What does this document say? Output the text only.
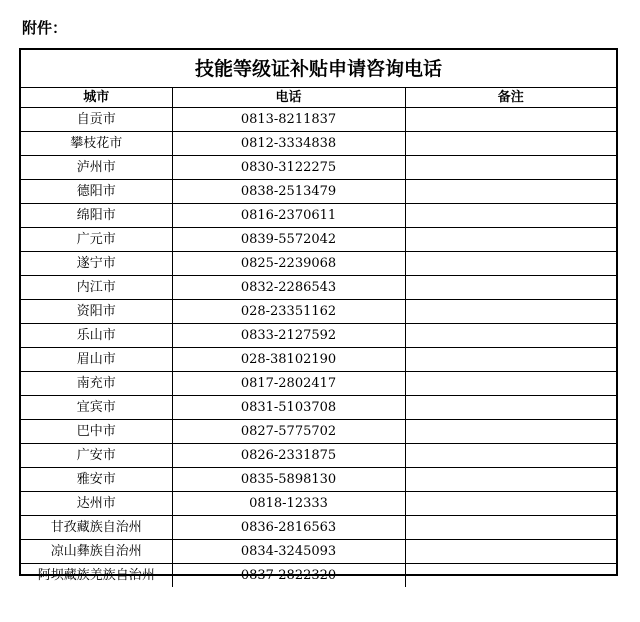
附件：
技能等级证补贴申请咨询电话
城市	电话	备注
自贡市	0813-8211837	
攀枝花市	0812-3334838	
泸州市	0830-3122275	
德阳市	0838-2513479	
绵阳市	0816-2370611	
广元市	0839-5572042	
遂宁市	0825-2239068	
内江市	0832-2286543	
资阳市	028-23351162	
乐山市	0833-2127592	
眉山市	028-38102190	
南充市	0817-2802417	
宜宾市	0831-5103708	
巴中市	0827-5775702	
广安市	0826-2331875	
雅安市	0835-5898130	
达州市	0818-12333	
甘孜藏族自治州	0836-2816563	
凉山彝族自治州	0834-3245093	
阿坝藏族羌族自治州	0837-2822320	
